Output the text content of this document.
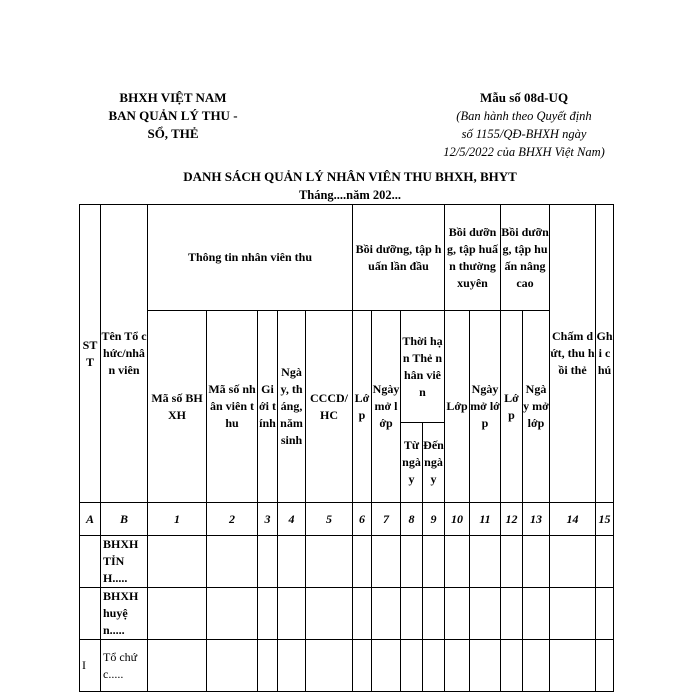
BHXH VIỆT NAM
BAN QUẢN LÝ THU -
SỔ, THẺ
Mẫu số 08d-UQ
(Ban hành theo Quyết định
số 1155/QĐ-BHXH ngày
12/5/2022 của BHXH Việt Nam)
DANH SÁCH QUẢN LÝ NHÂN VIÊN THU BHXH, BHYT
Tháng....năm 202...
STT	Tên Tổ chức/nhân viên	Thông tin nhân viên thu					Bồi dưỡng, tập huấn lần đầu				Bồi dưỡng, tập huấn thường xuyên		Bồi dưỡng, tập huấn nâng cao		Chấm dứt, thu hồi thẻ	Ghi chú
		Mã số BHXH	Mã số nhân viên thu	Giới tính	Ngày, tháng, năm sinh	CCCD/HC	Lớp	Ngày mở lớp	Thời hạn Thẻ nhân viên		Lớp	Ngày mở lớp	Lớp	Ngày mở lớp		
									Từ ngày	Đến ngày						
A	B	1	2	3	4	5	6	7	8	9	10	11	12	13	14	15
	BHXH TỈNH.....															
	BHXH huyện.....															
I	Tổ chức.....															
